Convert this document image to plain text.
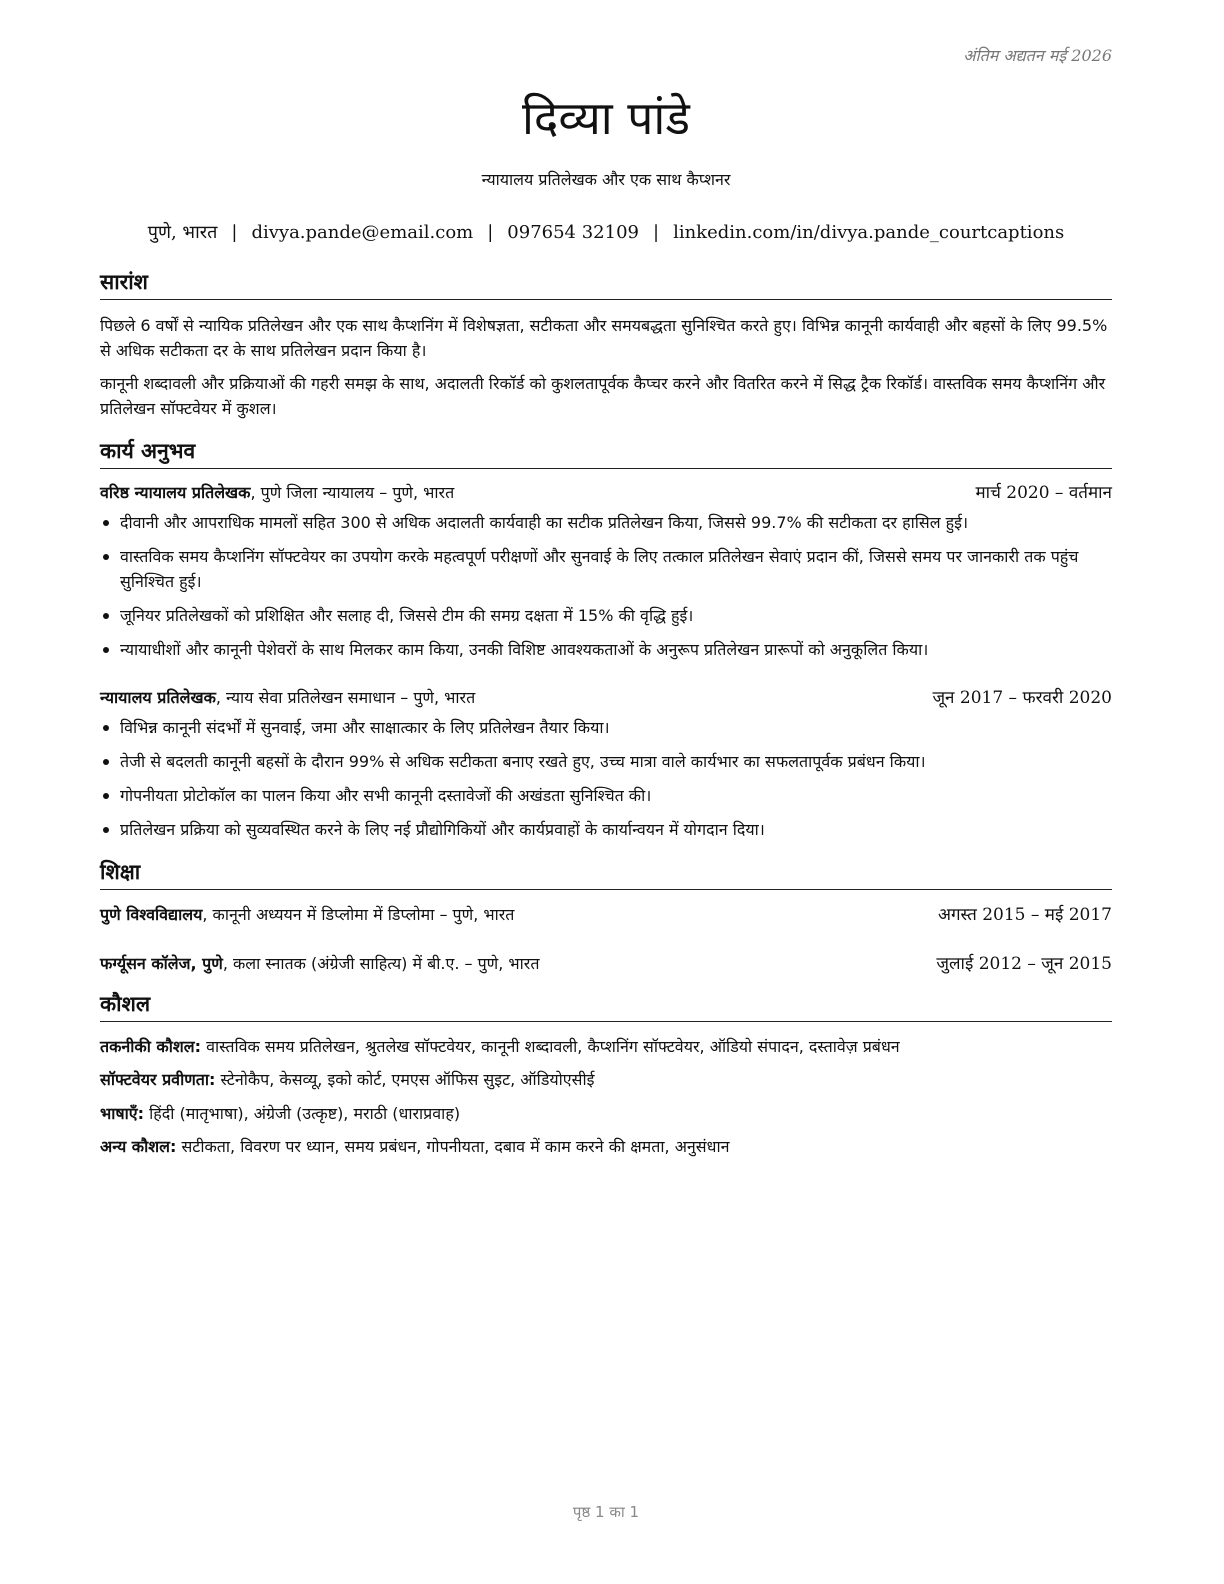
अंतिम अद्यतन मई 2026
दिव्या पांडे
न्यायालय प्रतिलेखक और एक साथ कैप्शनर
पुणे, भारत | divya.pande@email.com | 097654 32109 | linkedin.com/in/divya.pande_courtcaptions
सारांश
पिछले 6 वर्षों से न्यायिक प्रतिलेखन और एक साथ कैप्शनिंग में विशेषज्ञता, सटीकता और समयबद्धता सुनिश्चित करते हुए। विभिन्न कानूनी कार्यवाही और बहसों के लिए 99.5% से अधिक सटीकता दर के साथ प्रतिलेखन प्रदान किया है।
कानूनी शब्दावली और प्रक्रियाओं की गहरी समझ के साथ, अदालती रिकॉर्ड को कुशलतापूर्वक कैप्चर करने और वितरित करने में सिद्ध ट्रैक रिकॉर्ड। वास्तविक समय कैप्शनिंग और प्रतिलेखन सॉफ्टवेयर में कुशल।
कार्य अनुभव
वरिष्ठ न्यायालय प्रतिलेखक, पुणे जिला न्यायालय – पुणे, भारत	मार्च 2020 – वर्तमान
दीवानी और आपराधिक मामलों सहित 300 से अधिक अदालती कार्यवाही का सटीक प्रतिलेखन किया, जिससे 99.7% की सटीकता दर हासिल हुई।
वास्तविक समय कैप्शनिंग सॉफ्टवेयर का उपयोग करके महत्वपूर्ण परीक्षणों और सुनवाई के लिए तत्काल प्रतिलेखन सेवाएं प्रदान कीं, जिससे समय पर जानकारी तक पहुंच सुनिश्चित हुई।
जूनियर प्रतिलेखकों को प्रशिक्षित और सलाह दी, जिससे टीम की समग्र दक्षता में 15% की वृद्धि हुई।
न्यायाधीशों और कानूनी पेशेवरों के साथ मिलकर काम किया, उनकी विशिष्ट आवश्यकताओं के अनुरूप प्रतिलेखन प्रारूपों को अनुकूलित किया।
न्यायालय प्रतिलेखक, न्याय सेवा प्रतिलेखन समाधान – पुणे, भारत	जून 2017 – फरवरी 2020
विभिन्न कानूनी संदर्भों में सुनवाई, जमा और साक्षात्कार के लिए प्रतिलेखन तैयार किया।
तेजी से बदलती कानूनी बहसों के दौरान 99% से अधिक सटीकता बनाए रखते हुए, उच्च मात्रा वाले कार्यभार का सफलतापूर्वक प्रबंधन किया।
गोपनीयता प्रोटोकॉल का पालन किया और सभी कानूनी दस्तावेजों की अखंडता सुनिश्चित की।
प्रतिलेखन प्रक्रिया को सुव्यवस्थित करने के लिए नई प्रौद्योगिकियों और कार्यप्रवाहों के कार्यान्वयन में योगदान दिया।
शिक्षा
पुणे विश्वविद्यालय, कानूनी अध्ययन में डिप्लोमा में डिप्लोमा – पुणे, भारत	अगस्त 2015 – मई 2017
फर्ग्यूसन कॉलेज, पुणे, कला स्नातक (अंग्रेजी साहित्य) में बी.ए. – पुणे, भारत	जुलाई 2012 – जून 2015
कौशल
तकनीकी कौशल: वास्तविक समय प्रतिलेखन, श्रुतलेख सॉफ्टवेयर, कानूनी शब्दावली, कैप्शनिंग सॉफ्टवेयर, ऑडियो संपादन, दस्तावेज़ प्रबंधन
सॉफ्टवेयर प्रवीणता: स्टेनोकैप, केसव्यू, इको कोर्ट, एमएस ऑफिस सुइट, ऑडियोएसीई
भाषाएँ: हिंदी (मातृभाषा), अंग्रेजी (उत्कृष्ट), मराठी (धाराप्रवाह)
अन्य कौशल: सटीकता, विवरण पर ध्यान, समय प्रबंधन, गोपनीयता, दबाव में काम करने की क्षमता, अनुसंधान
पृष्ठ 1 का 1
